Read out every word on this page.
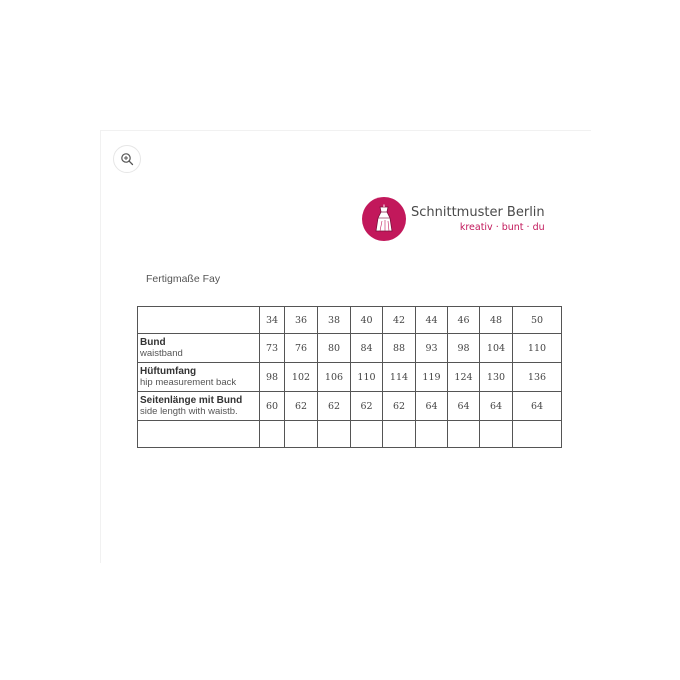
Schnittmuster Berlin
kreativ · bunt · du
Fertigmaße Fay
	34	36	38	40	42	44	46	48	50

Bund
waistband	73	76	80	84	88	93	98	104	110

Hüftumfang
hip measurement back	98	102	106	110	114	119	124	130	136

Seitenlänge mit Bund
side length with waistb.	60	62	62	62	62	64	64	64	64
